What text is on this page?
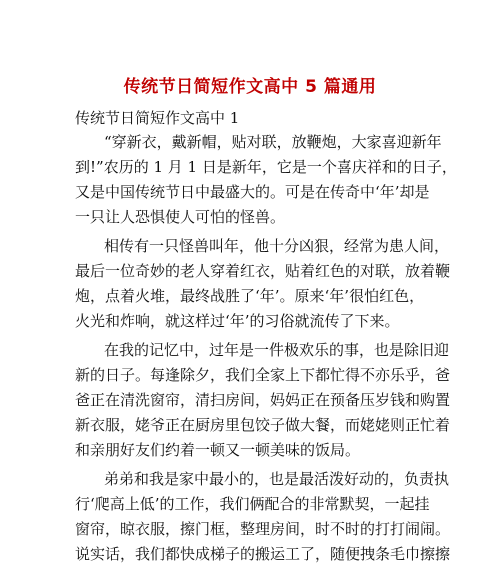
传统节日简短作文高中 5 篇通用
传统节日简短作文高中 1
“穿新衣，戴新帽，贴对联，放鞭炮，大家喜迎新年
到!”农历的 1 月 1 日是新年，它是一个喜庆祥和的日子，
又是中国传统节日中最盛大的。可是在传奇中‘年’却是
一只让人恐惧使人可怕的怪兽。
相传有一只怪兽叫年，他十分凶狠，经常为患人间，
最后一位奇妙的老人穿着红衣，贴着红色的对联，放着鞭
炮，点着火堆，最终战胜了‘年’。原来‘年’很怕红色，
火光和炸响，就这样过‘年’的习俗就流传了下来。
在我的记忆中，过年是一件极欢乐的事，也是除旧迎
新的日子。每逢除夕，我们全家上下都忙得不亦乐乎，爸
爸正在清洗窗帘，清扫房间，妈妈正在预备压岁钱和购置
新衣服，姥爷正在厨房里包饺子做大餐，而姥姥则正忙着
和亲朋好友们约着一顿又一顿美味的饭局。
弟弟和我是家中最小的，也是最活泼好动的，负责执
行‘爬高上低’的工作，我们俩配合的非常默契，一起挂
窗帘，晾衣服，擦门框，整理房间，时不时的打打闹闹。
说实话，我们都快成梯子的搬运工了，随便拽条毛巾擦擦
